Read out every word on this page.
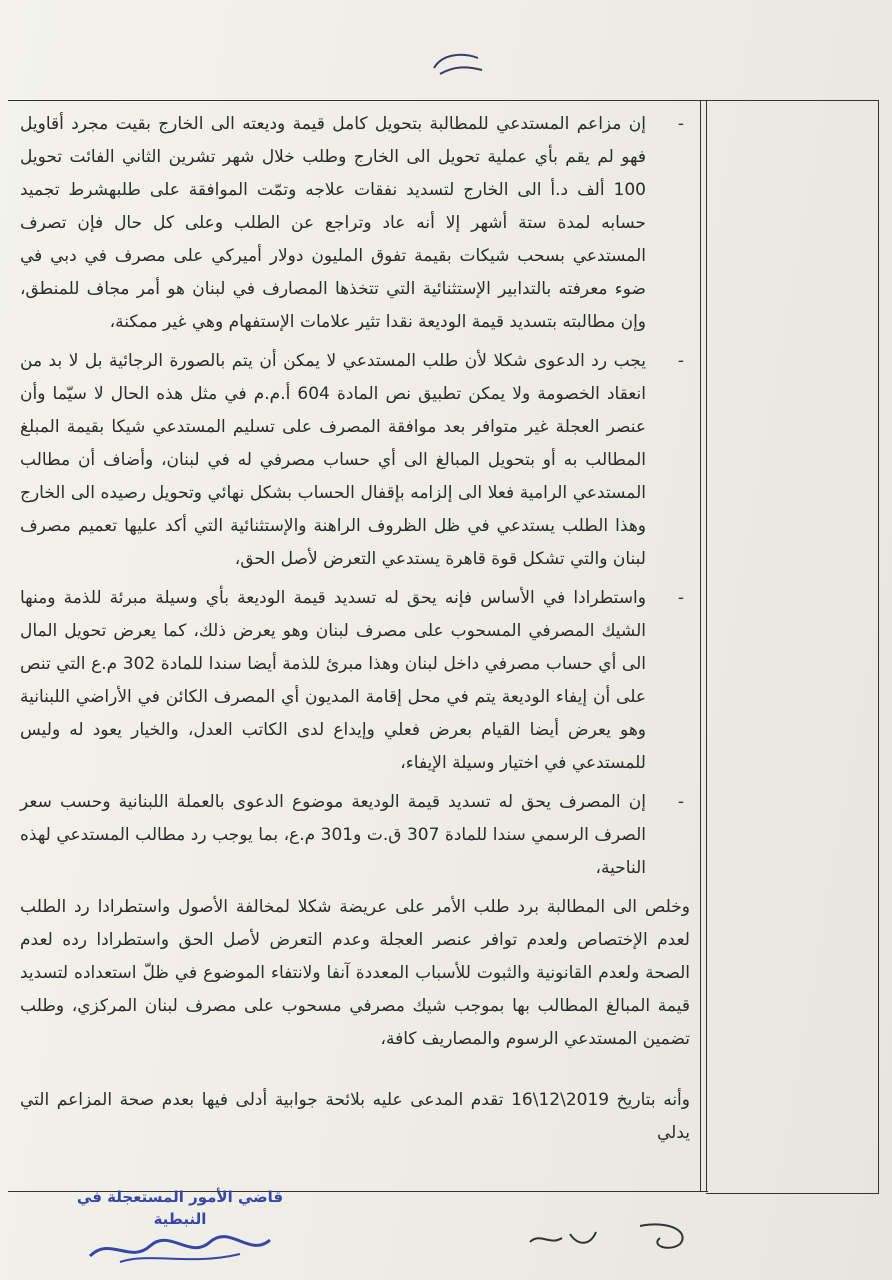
-
إن مزاعم المستدعي للمطالبة بتحويل كامل قيمة وديعته الى الخارج بقيت مجرد أقاويل فهو لم يقم بأي عملية تحويل الى الخارج وطلب خلال شهر تشرين الثاني الفائت تحويل 100 ألف د.أ الى الخارج لتسديد نفقات علاجه وتمّت الموافقة على طلبهشرط تجميد حسابه لمدة ستة أشهر إلا أنه عاد وتراجع عن الطلب وعلى كل حال فإن تصرف المستدعي بسحب شيكات بقيمة تفوق المليون دولار أميركي على مصرف في دبي في ضوء معرفته بالتدابير الإستثنائية التي تتخذها المصارف في لبنان هو أمر مجاف للمنطق، وإن مطالبته بتسديد قيمة الوديعة نقدا تثير علامات الإستفهام وهي غير ممكنة،

-
يجب رد الدعوى شكلا لأن طلب المستدعي لا يمكن أن يتم بالصورة الرجائية بل لا بد من انعقاد الخصومة ولا يمكن تطبيق نص المادة 604 أ.م.م في مثل هذه الحال لا سيّما وأن عنصر العجلة غير متوافر بعد موافقة المصرف على تسليم المستدعي شيكا بقيمة المبلغ المطالب به أو بتحويل المبالغ الى أي حساب مصرفي له في لبنان، وأضاف أن مطالب المستدعي الرامية فعلا الى إلزامه بإقفال الحساب بشكل نهائي وتحويل رصيده الى الخارج وهذا الطلب يستدعي في ظل الظروف الراهنة والإستثنائية التي أكد عليها تعميم مصرف لبنان والتي تشكل قوة قاهرة يستدعي التعرض لأصل الحق،

-
واستطرادا في الأساس فإنه يحق له تسديد قيمة الوديعة بأي وسيلة مبرئة للذمة ومنها الشيك المصرفي المسحوب على مصرف لبنان وهو يعرض ذلك، كما يعرض تحويل المال الى أي حساب مصرفي داخل لبنان وهذا مبرئ للذمة أيضا سندا للمادة 302 م.ع التي تنص على أن إيفاء الوديعة يتم في محل إقامة المديون أي المصرف الكائن في الأراضي اللبنانية وهو يعرض أيضا القيام بعرض فعلي وإيداع لدى الكاتب العدل، والخيار يعود له وليس للمستدعي في اختيار وسيلة الإيفاء،

-
إن المصرف يحق له تسديد قيمة الوديعة موضوع الدعوى بالعملة اللبنانية وحسب سعر الصرف الرسمي سندا للمادة 307 ق.ت و301 م.ع، بما يوجب رد مطالب المستدعي لهذه الناحية،

وخلص الى المطالبة برد طلب الأمر على عريضة شكلا لمخالفة الأصول واستطرادا رد الطلب لعدم الإختصاص ولعدم توافر عنصر العجلة وعدم التعرض لأصل الحق واستطرادا رده لعدم الصحة ولعدم القانونية والثبوت للأسباب المعددة آنفا ولانتفاء الموضوع في ظلّ استعداده لتسديد قيمة المبالغ المطالب بها بموجب شيك مصرفي مسحوب على مصرف لبنان المركزي، وطلب تضمين المستدعي الرسوم والمصاريف كافة،

وأنه بتاريخ 2019\12\16 تقدم المدعى عليه بلائحة جوابية أدلى فيها بعدم صحة المزاعم التي يدلي

قاضي الأمور المستعجلة في النبطية
